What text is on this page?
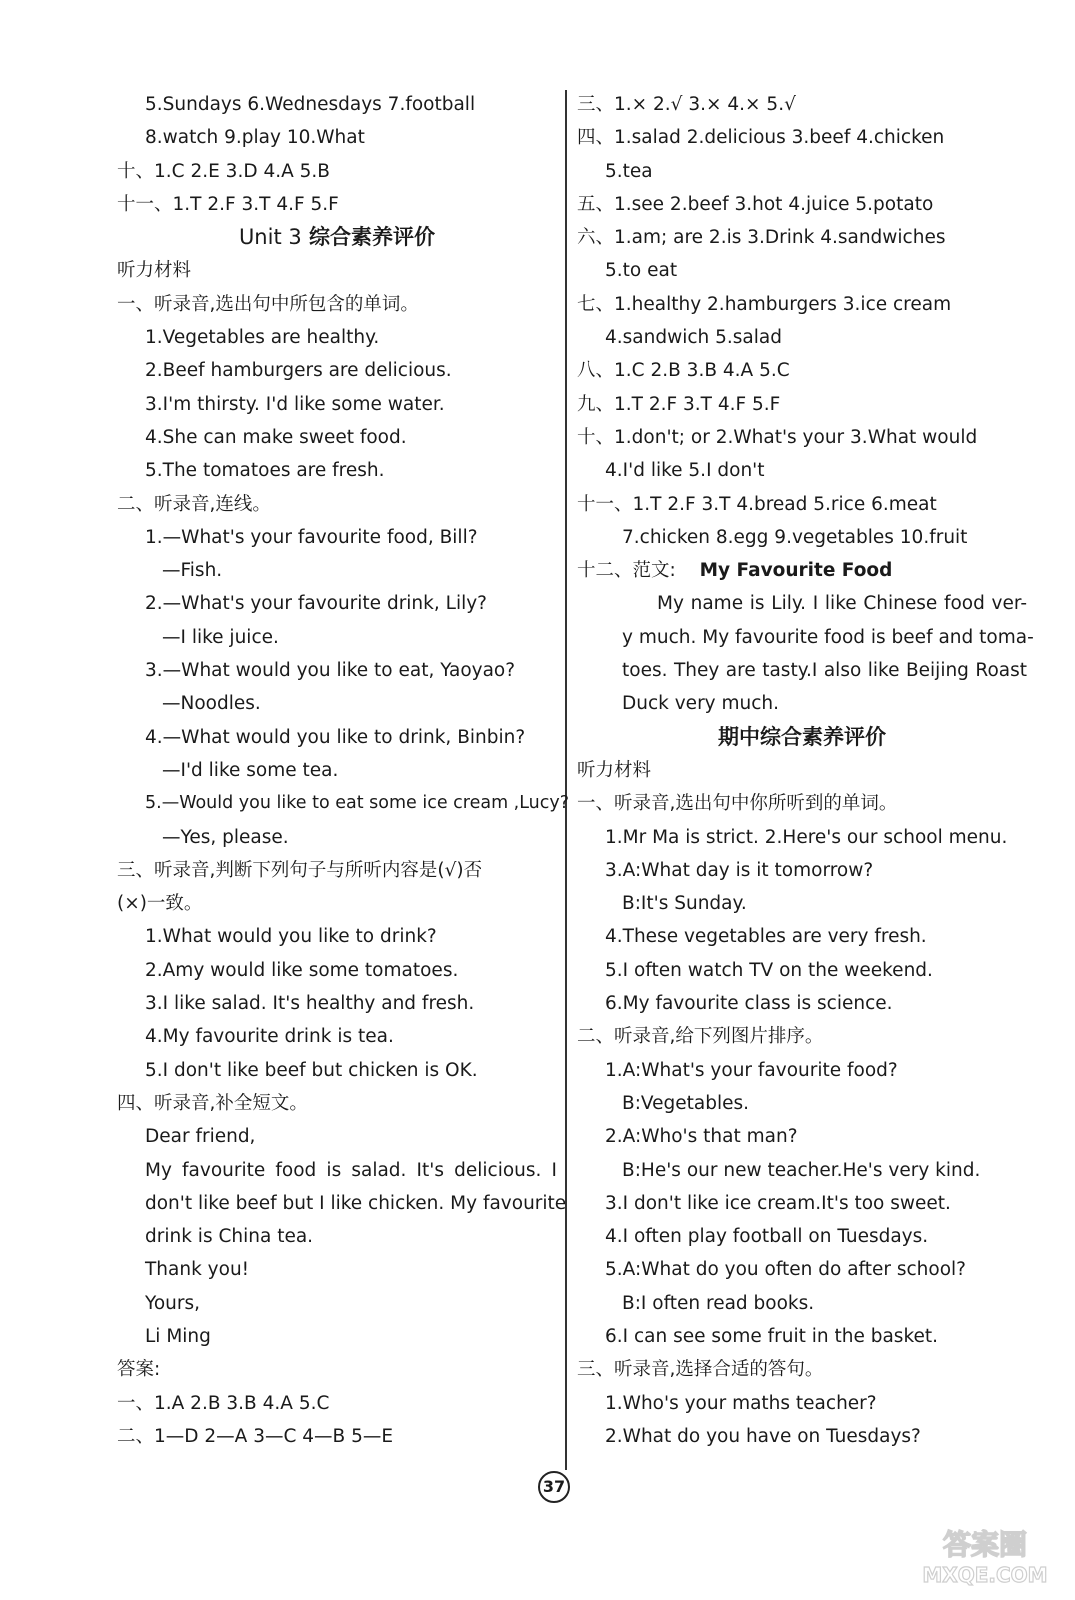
5.Sundays 6.Wednesdays 7.football
8.watch 9.play 10.What
十、1.C 2.E 3.D 4.A 5.B
十一、1.T 2.F 3.T 4.F 5.F
Unit 3 综合素养评价
听力材料
一、听录音,选出句中所包含的单词。
1.Vegetables are healthy.
2.Beef hamburgers are delicious.
3.I'm thirsty. I'd like some water.
4.She can make sweet food.
5.The tomatoes are fresh.
二、听录音,连线。
1.—What's your favourite food, Bill?
—Fish.
2.—What's your favourite drink, Lily?
—I like juice.
3.—What would you like to eat, Yaoyao?
—Noodles.
4.—What would you like to drink, Binbin?
—I'd like some tea.
5.—Would you like to eat some ice cream ,Lucy?
—Yes, please.
三、听录音,判断下列句子与所听内容是(√)否
(×)一致。
1.What would you like to drink?
2.Amy would like some tomatoes.
3.I like salad. It's healthy and fresh.
4.My favourite drink is tea.
5.I don't like beef but chicken is OK.
四、听录音,补全短文。
Dear friend,
My favourite food is salad. It's delicious. I
don't like beef but I like chicken. My favourite
drink is China tea.
Thank you!
Yours,
Li Ming
答案:
一、1.A 2.B 3.B 4.A 5.C
二、1—D 2—A 3—C 4—B 5—E
三、1.× 2.√ 3.× 4.× 5.√
四、1.salad 2.delicious 3.beef 4.chicken
5.tea
五、1.see 2.beef 3.hot 4.juice 5.potato
六、1.am; are 2.is 3.Drink 4.sandwiches
5.to eat
七、1.healthy 2.hamburgers 3.ice cream
4.sandwich 5.salad
八、1.C 2.B 3.B 4.A 5.C
九、1.T 2.F 3.T 4.F 5.F
十、1.don't; or 2.What's your 3.What would
4.I'd like 5.I don't
十一、1.T 2.F 3.T 4.bread 5.rice 6.meat
7.chicken 8.egg 9.vegetables 10.fruit
十二、范文: My Favourite Food
My name is Lily. I like Chinese food ver-
y much. My favourite food is beef and toma-
toes. They are tasty.I also like Beijing Roast
Duck very much.
期中综合素养评价
听力材料
一、听录音,选出句中你所听到的单词。
1.Mr Ma is strict. 2.Here's our school menu.
3.A:What day is it tomorrow?
B:It's Sunday.
4.These vegetables are very fresh.
5.I often watch TV on the weekend.
6.My favourite class is science.
二、听录音,给下列图片排序。
1.A:What's your favourite food?
B:Vegetables.
2.A:Who's that man?
B:He's our new teacher.He's very kind.
3.I don't like ice cream.It's too sweet.
4.I often play football on Tuesdays.
5.A:What do you often do after school?
B:I often read books.
6.I can see some fruit in the basket.
三、听录音,选择合适的答句。
1.Who's your maths teacher?
2.What do you have on Tuesdays?
37
答案圈
MXQE.COM
